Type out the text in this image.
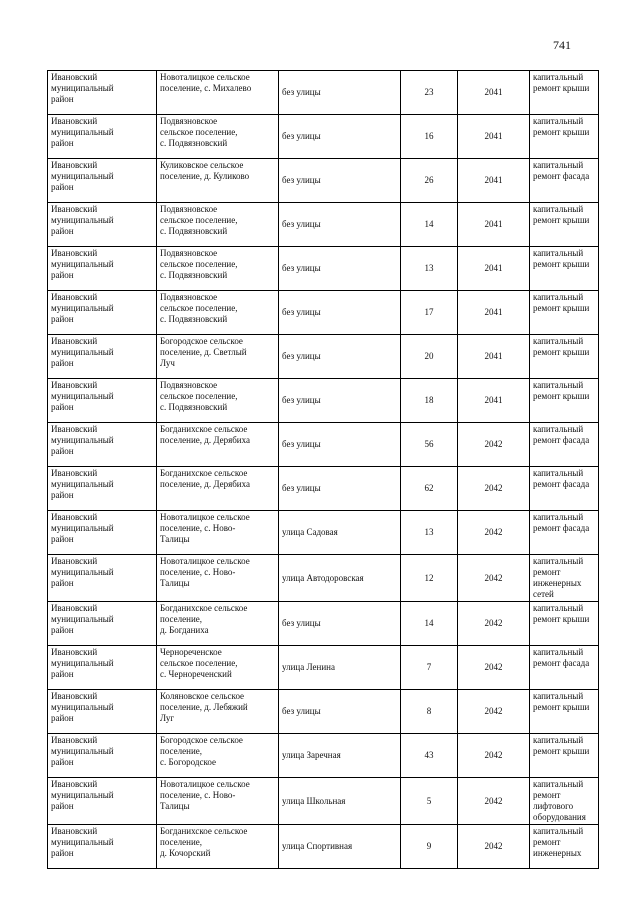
741
Ивановский
муниципальный
район	Новоталицкое сельское
поселение, с. Михалево	без улицы	23	2041	капитальный
ремонт крыши
Ивановский
муниципальный
район	Подвязновское
сельское поселение,
с. Подвязновский	без улицы	16	2041	капитальный
ремонт крыши
Ивановский
муниципальный
район	Куликовское сельское
поселение, д. Куликово	без улицы	26	2041	капитальный
ремонт фасада
Ивановский
муниципальный
район	Подвязновское
сельское поселение,
с. Подвязновский	без улицы	14	2041	капитальный
ремонт крыши
Ивановский
муниципальный
район	Подвязновское
сельское поселение,
с. Подвязновский	без улицы	13	2041	капитальный
ремонт крыши
Ивановский
муниципальный
район	Подвязновское
сельское поселение,
с. Подвязновский	без улицы	17	2041	капитальный
ремонт крыши
Ивановский
муниципальный
район	Богородское сельское
поселение, д. Светлый
Луч	без улицы	20	2041	капитальный
ремонт крыши
Ивановский
муниципальный
район	Подвязновское
сельское поселение,
с. Подвязновский	без улицы	18	2041	капитальный
ремонт крыши
Ивановский
муниципальный
район	Богданихское сельское
поселение, д. Дерябиха	без улицы	56	2042	капитальный
ремонт фасада
Ивановский
муниципальный
район	Богданихское сельское
поселение, д. Дерябиха	без улицы	62	2042	капитальный
ремонт фасада
Ивановский
муниципальный
район	Новоталицкое сельское
поселение, с. Ново-
Талицы	улица Садовая	13	2042	капитальный
ремонт фасада
Ивановский
муниципальный
район	Новоталицкое сельское
поселение, с. Ново-
Талицы	улица Автодоровская	12	2042	капитальный
ремонт
инженерных
сетей
Ивановский
муниципальный
район	Богданихское сельское
поселение,
д. Богданиха	без улицы	14	2042	капитальный
ремонт крыши
Ивановский
муниципальный
район	Чернореченское
сельское поселение,
с. Чернореченский	улица Ленина	7	2042	капитальный
ремонт фасада
Ивановский
муниципальный
район	Коляновское сельское
поселение, д. Лебяжий
Луг	без улицы	8	2042	капитальный
ремонт крыши
Ивановский
муниципальный
район	Богородское сельское
поселение,
с. Богородское	улица Заречная	43	2042	капитальный
ремонт крыши
Ивановский
муниципальный
район	Новоталицкое сельское
поселение, с. Ново-
Талицы	улица Школьная	5	2042	капитальный
ремонт
лифтового
оборудования
Ивановский
муниципальный
район	Богданихское сельское
поселение,
д. Кочорский	улица Спортивная	9	2042	капитальный
ремонт
инженерных
